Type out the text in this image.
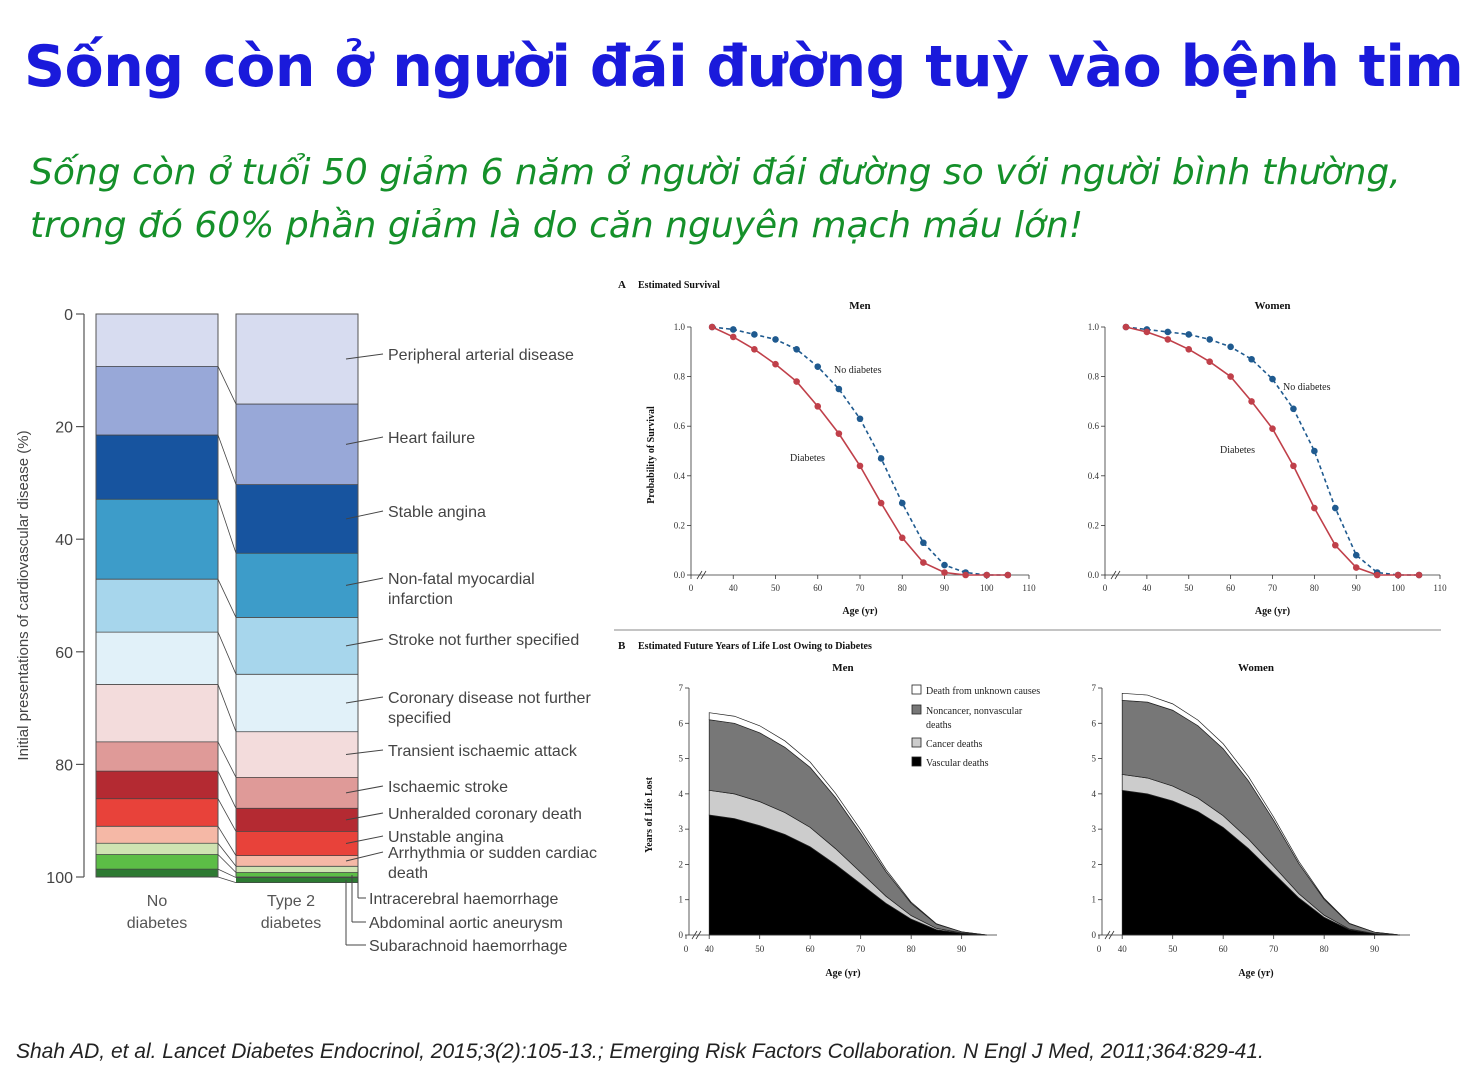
Sống còn ở người đái đường tuỳ vào bệnh tim
Sống còn ở tuổi 50 giảm 6 năm ở người đái đường so với người bình thường,
trong đó 60% phần giảm là do căn nguyên mạch máu lớn!
0
20
40
60
80
100
Initial presentations of cardiovascular disease (%)
No
diabetes
Type 2
diabetes
Peripheral arterial disease
Heart failure
Stable angina
Non-fatal myocardial
infarction
Stroke not further specified
Coronary disease not further
specified
Transient ischaemic attack
Ischaemic stroke
Unheralded coronary death
Unstable angina
Arrhythmia or sudden cardiac
death
Intracerebral haemorrhage
Abdominal aortic aneurysm
Subarachnoid haemorrhage
A Estimated Survival
Probability of Survival
Men
0.0
0.2
0.4
0.6
0.8
1.0
0	40	50	60	70	80	90	100	110
Age (yr)
No diabetes
Diabetes
Women
0.0
0.2
0.4
0.6
0.8
1.0
0	40	50	60	70	80	90	100	110
Age (yr)
No diabetes
Diabetes
B Estimated Future Years of Life Lost Owing to Diabetes
Years of Life Lost
Men
0
1
2
3
4
5
6
7
0 40	50	60	70	80	90
Age (yr)
Women
0
1
2
3
4
5
6
7
0 40	50	60	70	80	90
Age (yr)
Death from unknown causes
Noncancer, nonvascular
deaths
Cancer deaths
Vascular deaths
Shah AD, et al. Lancet Diabetes Endocrinol, 2015;3(2):105-13.; Emerging Risk Factors Collaboration. N Engl J Med, 2011;364:829-41.
